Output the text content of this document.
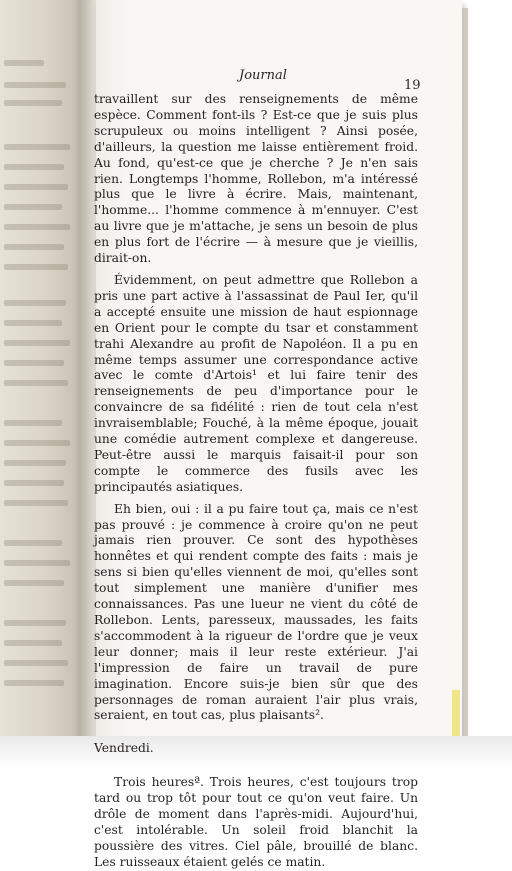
Journal
19

travaillent sur des renseignements de même espèce. Comment font-ils ? Est-ce que je suis plus scrupuleux ou moins intelligent ? Ainsi posée, d'ailleurs, la question me laisse entièrement froid. Au fond, qu'est-ce que je cherche ? Je n'en sais rien. Longtemps l'homme, Rollebon, m'a intéressé plus que le livre à écrire. Mais, maintenant, l'homme... l'homme commence à m'ennuyer. C'est au livre que je m'attache, je sens un besoin de plus en plus fort de l'écrire — à mesure que je vieillis, dirait-on.

Évidemment, on peut admettre que Rollebon a pris une part active à l'assassinat de Paul Ier, qu'il a accepté ensuite une mission de haut espionnage en Orient pour le compte du tsar et constamment trahi Alexandre au profit de Napoléon. Il a pu en même temps assumer une correspondance active avec le comte d'Artois¹ et lui faire tenir des renseignements de peu d'importance pour le convaincre de sa fidélité : rien de tout cela n'est invraisemblable; Fouché, à la même époque, jouait une comédie autrement complexe et dangereuse. Peut-être aussi le marquis faisait-il pour son compte le commerce des fusils avec les principautés asiatiques.

Eh bien, oui : il a pu faire tout ça, mais ce n'est pas prouvé : je commence à croire qu'on ne peut jamais rien prouver. Ce sont des hypothèses honnêtes et qui rendent compte des faits : mais je sens si bien qu'elles viennent de moi, qu'elles sont tout simplement une manière d'unifier mes connaissances. Pas une lueur ne vient du côté de Rollebon. Lents, paresseux, maussades, les faits s'accommodent à la rigueur de l'ordre que je veux leur donner; mais il leur reste extérieur. J'ai l'impression de faire un travail de pure imagination. Encore suis-je bien sûr que des personnages de roman auraient l'air plus vrais, seraient, en tout cas, plus plaisants².

Vendredi.

Trois heuresª. Trois heures, c'est toujours trop tard ou trop tôt pour tout ce qu'on veut faire. Un drôle de moment dans l'après-midi. Aujourd'hui, c'est intolérable. Un soleil froid blanchit la poussière des vitres. Ciel pâle, brouillé de blanc. Les ruisseaux étaient gelés ce matin.
